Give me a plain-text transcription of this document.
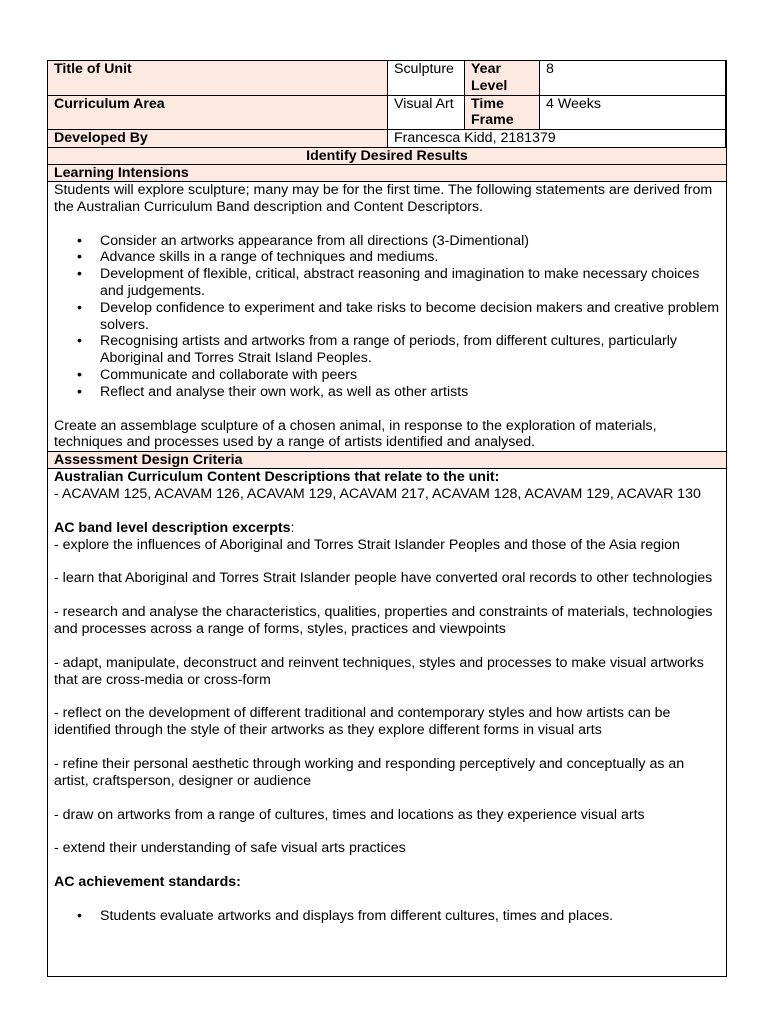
Title of Unit	Sculpture	Year Level	8
Curriculum Area	Visual Art	Time Frame	4 Weeks
Developed By	Francesca Kidd, 2181379		
Identify Desired Results
Learning Intensions

Students will explore sculpture; many may be for the first time. The following statements are derived from the Australian Curriculum Band description and Content Descriptors.

• Consider an artworks appearance from all directions (3-Dimentional)
• Advance skills in a range of techniques and mediums.
• Development of flexible, critical, abstract reasoning and imagination to make necessary choices and judgements.
• Develop confidence to experiment and take risks to become decision makers and creative problem solvers.
• Recognising artists and artworks from a range of periods, from different cultures, particularly Aboriginal and Torres Strait Island Peoples.
• Communicate and collaborate with peers
• Reflect and analyse their own work, as well as other artists

Create an assemblage sculpture of a chosen animal, in response to the exploration of materials, techniques and processes used by a range of artists identified and analysed.

Assessment Design Criteria

Australian Curriculum Content Descriptions that relate to the unit:

- ACAVAM 125, ACAVAM 126, ACAVAM 129, ACAVAM 217, ACAVAM 128, ACAVAM 129, ACAVAR 130

AC band level description excerpts:

- explore the influences of Aboriginal and Torres Strait Islander Peoples and those of the Asia region

- learn that Aboriginal and Torres Strait Islander people have converted oral records to other technologies

- research and analyse the characteristics, qualities, properties and constraints of materials, technologies and processes across a range of forms, styles, practices and viewpoints

- adapt, manipulate, deconstruct and reinvent techniques, styles and processes to make visual artworks that are cross-media or cross-form

- reflect on the development of different traditional and contemporary styles and how artists can be identified through the style of their artworks as they explore different forms in visual arts

- refine their personal aesthetic through working and responding perceptively and conceptually as an artist, craftsperson, designer or audience

- draw on artworks from a range of cultures, times and locations as they experience visual arts

- extend their understanding of safe visual arts practices

AC achievement standards:

• Students evaluate artworks and displays from different cultures, times and places.
